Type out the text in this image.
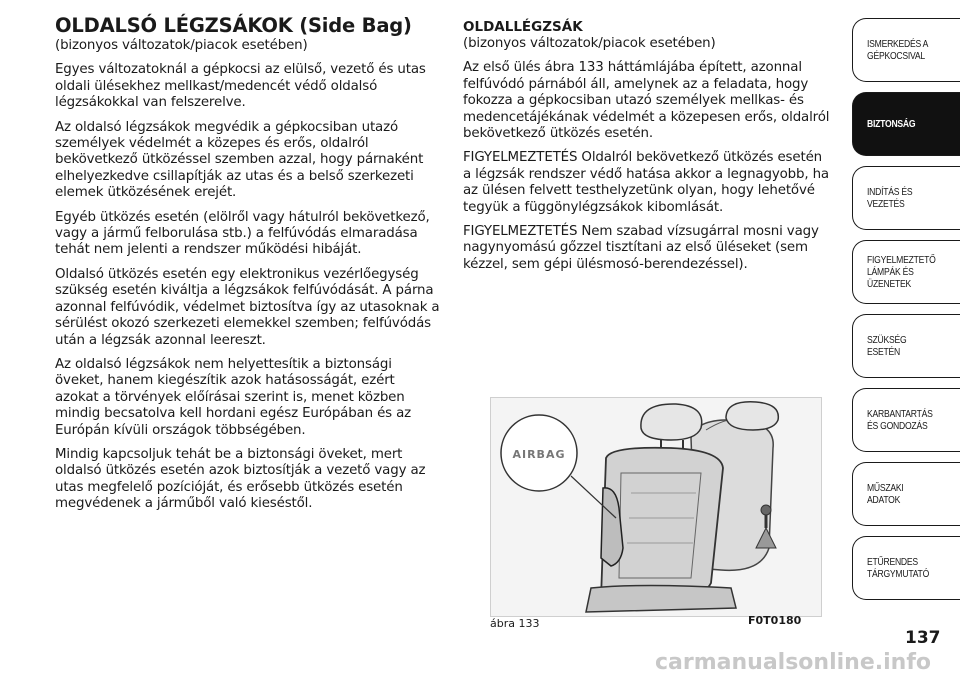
OLDALSÓ LÉGZSÁKOK (Side Bag)

(bizonyos változatok/piacok esetében)

Egyes változatoknál a gépkocsi az elülső, vezető és utas oldali ülésekhez mellkast/medencét védő oldalsó légzsákokkal van felszerelve.

Az oldalsó légzsákok megvédik a gépkocsiban utazó személyek védelmét a közepes és erős, oldalról bekövetkező ütközéssel szemben azzal, hogy párnaként elhelyezkedve csillapítják az utas és a belső szerkezeti elemek ütközésének erejét.

Egyéb ütközés esetén (elölről vagy hátulról bekövetkező, vagy a jármű felborulása stb.) a felfúvódás elmaradása tehát nem jelenti a rendszer működési hibáját.

Oldalsó ütközés esetén egy elektronikus vezérlőegység szükség esetén kiváltja a légzsákok felfúvódását. A párna azonnal felfúvódik, védelmet biztosítva így az utasoknak a sérülést okozó szerkezeti elemekkel szemben; felfúvódás után a légzsák azonnal leereszt.

Az oldalsó légzsákok nem helyettesítik a biztonsági öveket, hanem kiegészítik azok hatásosságát, ezért azokat a törvények előírásai szerint is, menet közben mindig becsatolva kell hordani egész Európában és az Európán kívüli országok többségében.

Mindig kapcsoljuk tehát be a biztonsági öveket, mert oldalsó ütközés esetén azok biztosítják a vezető vagy az utas megfelelő pozícióját, és erősebb ütközés esetén megvédenek a járműből való kieséstől.

OLDALLÉGZSÁK

(bizonyos változatok/piacok esetében)

Az első ülés ábra 133 háttámlájába épített, azonnal felfúvódó párnából áll, amelynek az a feladata, hogy fokozza a gépkocsiban utazó személyek mellkas- és medencetájékának védelmét a közepesen erős, oldalról bekövetkező ütközés esetén.

FIGYELMEZTETÉS Oldalról bekövetkező ütközés esetén a légzsák rendszer védő hatása akkor a legnagyobb, ha az ülésen felvett testhelyzetünk olyan, hogy lehetővé tegyük a függönylégzsákok kibomlását.

FIGYELMEZTETÉS Nem szabad vízsugárral mosni vagy nagynyomású gőzzel tisztítani az első üléseket (sem kézzel, sem gépi ülésmosó-berendezéssel).

AIRBAG
ábra 133	F0T0180
ISMERKEDÉS A GÉPKOCSIVAL
BIZTONSÁG
INDÍTÁS ÉS VEZETÉS
FIGYELMEZTETŐ LÁMPÁK ÉS ÜZENETEK
SZÜKSÉG ESETÉN
KARBANTARTÁS ÉS GONDOZÁS
MŰSZAKI ADATOK
ETŰRENDES TÁRGYMUTATÓ
137
carmanualsonline.info
